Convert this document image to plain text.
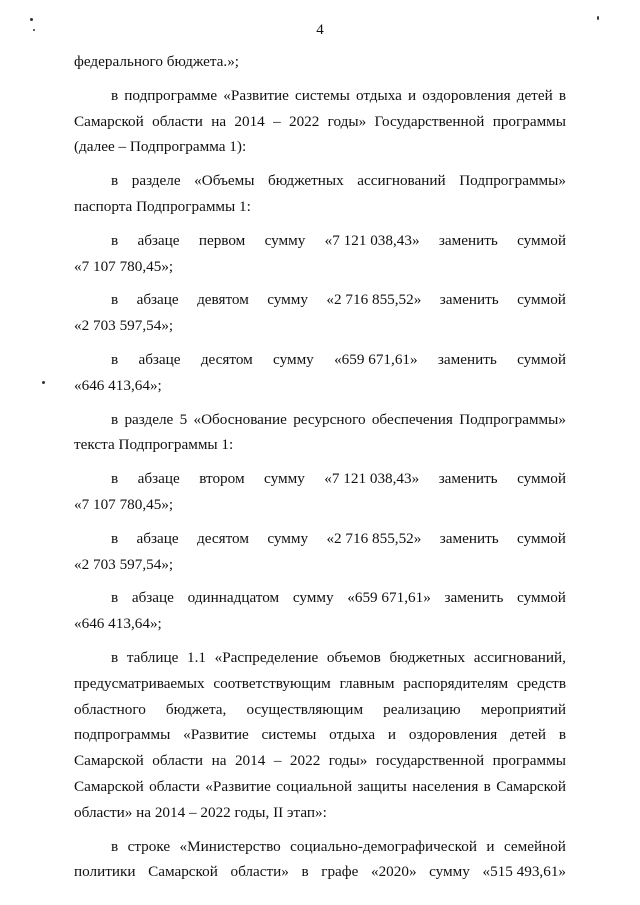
4
федерального бюджета.»;
в подпрограмме «Развитие системы отдыха и оздоровления детей в
Самарской области на 2014 – 2022 годы» Государственной программы
(далее – Подпрограмма 1):
в разделе «Объемы бюджетных ассигнований Подпрограммы»
паспорта Подпрограммы 1:
в абзаце первом сумму «7 121 038,43» заменить суммой
«7 107 780,45»;
в абзаце девятом сумму «2 716 855,52» заменить суммой
«2 703 597,54»;
в абзаце десятом сумму «659 671,61» заменить суммой
«646 413,64»;
в разделе 5 «Обоснование ресурсного обеспечения Подпрограммы»
текста Подпрограммы 1:
в абзаце втором сумму «7 121 038,43» заменить суммой
«7 107 780,45»;
в абзаце десятом сумму «2 716 855,52» заменить суммой
«2 703 597,54»;
в абзаце одиннадцатом сумму «659 671,61» заменить суммой
«646 413,64»;
в таблице 1.1 «Распределение объемов бюджетных ассигнований,
предусматриваемых соответствующим главным распорядителям средств
областного бюджета, осуществляющим реализацию мероприятий
подпрограммы «Развитие системы отдыха и оздоровления детей в
Самарской области на 2014 – 2022 годы» государственной программы
Самарской области «Развитие социальной защиты населения в Самарской
области» на 2014 – 2022 годы, II этап»:
в строке «Министерство социально-демографической и семейной
политики Самарской области» в графе «2020» сумму «515 493,61»
